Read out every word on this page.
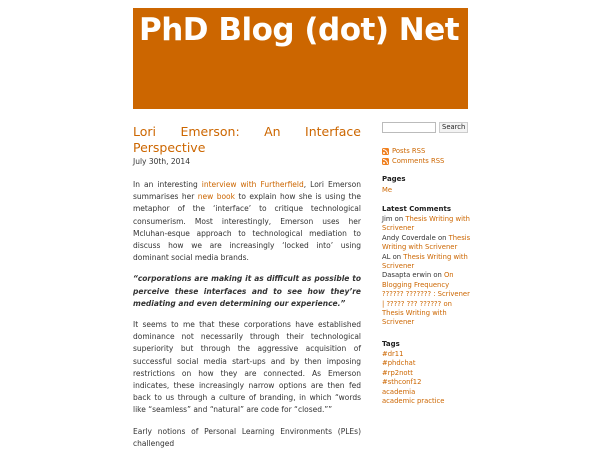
PhD Blog (dot) Net
Lori Emerson: An Interface
Perspective
July 30th, 2014

In an interesting interview with Furtherfield, Lori Emerson summarises her new book to explain how she is using the metaphor of the ‘interface’ to critique technological consumerism. Most interestingly, Emerson uses her Mcluhan-esque approach to technological mediation to discuss how we are increasingly ‘locked into’ using dominant social media brands.

“corporations are making it as difficult as possible to perceive these interfaces and to see how they’re mediating and even determining our experience.”

It seems to me that these corporations have established dominance not necessarily through their technological superiority but through the aggressive acquisition of successful social media start-ups and by then imposing restrictions on how they are connected. As Emerson indicates, these increasingly narrow options are then fed back to us through a culture of branding, in which “words like “seamless” and “natural” are code for “closed.””

Early notions of Personal Learning Environments (PLEs) challenged

Search
Posts RSS
Comments RSS
Pages
Me
Latest Comments
Jim on Thesis Writing with Scrivener
Andy Coverdale on Thesis Writing with Scrivener
AL on Thesis Writing with Scrivener
Dasapta erwin on On Blogging Frequency
?????? ??????? : Scrivener | ????? ??? ?????? on Thesis Writing with Scrivener
Tags
#dr11
#phdchat
#rp2nott
#sthconf12
academia
academic practice
